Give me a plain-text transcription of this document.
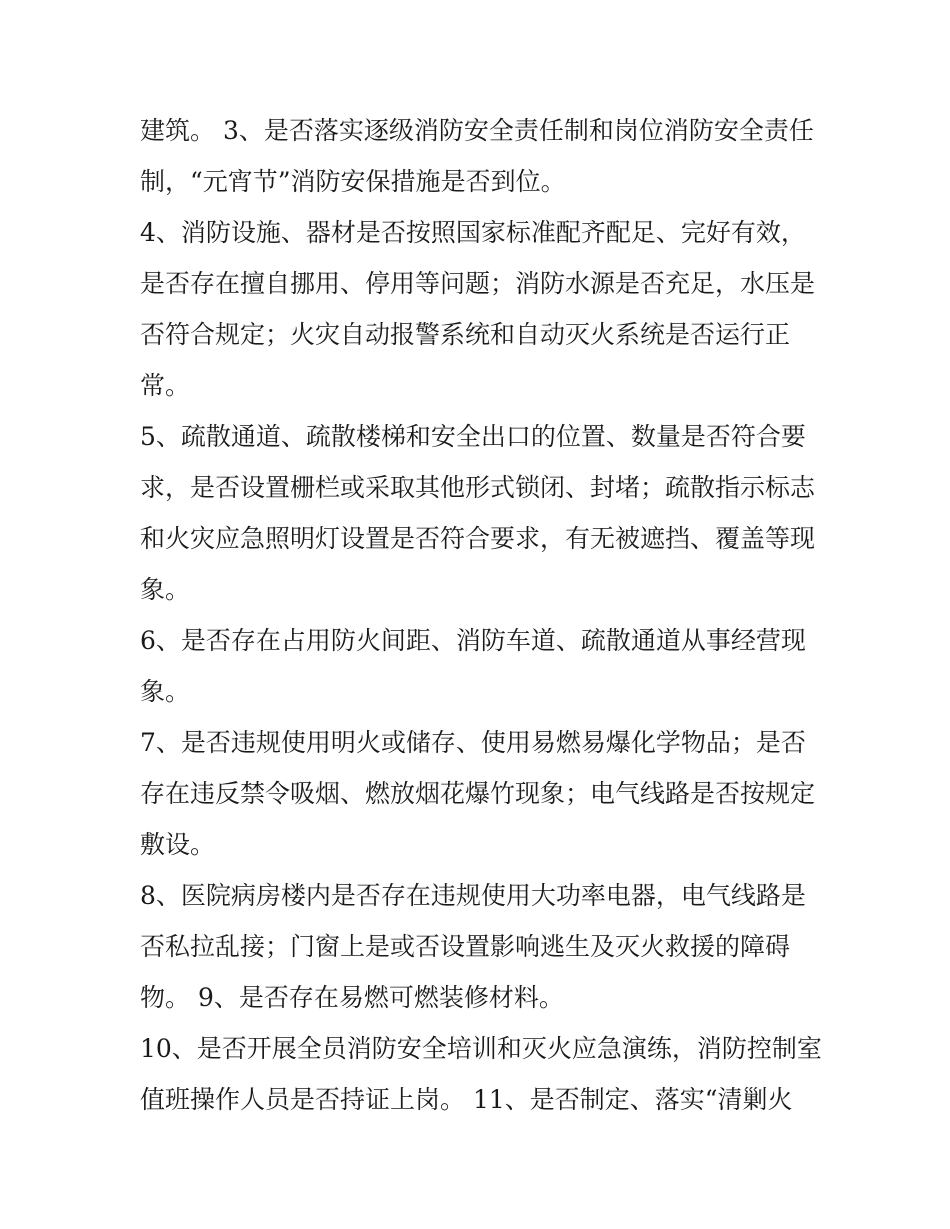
建筑。 3、是否落实逐级消防安全责任制和岗位消防安全责任
制，“元宵节”消防安保措施是否到位。
4、消防设施、器材是否按照国家标准配齐配足、完好有效，
是否存在擅自挪用、停用等问题；消防水源是否充足，水压是
否符合规定；火灾自动报警系统和自动灭火系统是否运行正
常。
5、疏散通道、疏散楼梯和安全出口的位置、数量是否符合要
求，是否设置栅栏或采取其他形式锁闭、封堵；疏散指示标志
和火灾应急照明灯设置是否符合要求，有无被遮挡、覆盖等现
象。
6、是否存在占用防火间距、消防车道、疏散通道从事经营现
象。
7、是否违规使用明火或储存、使用易燃易爆化学物品；是否
存在违反禁令吸烟、燃放烟花爆竹现象；电气线路是否按规定
敷设。
8、医院病房楼内是否存在违规使用大功率电器，电气线路是
否私拉乱接；门窗上是或否设置影响逃生及灭火救援的障碍
物。 9、是否存在易燃可燃装修材料。
10、是否开展全员消防安全培训和灭火应急演练，消防控制室
值班操作人员是否持证上岗。 11、是否制定、落实“清剿火
